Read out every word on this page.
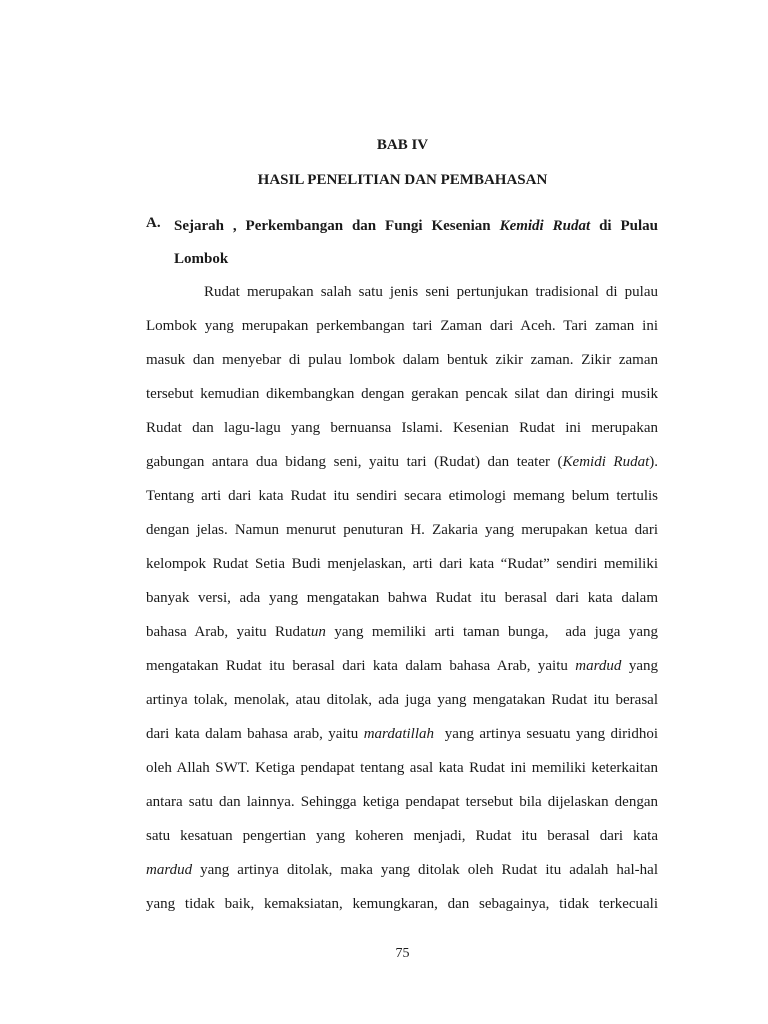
BAB IV
HASIL PENELITIAN DAN PEMBAHASAN
A. Sejarah , Perkembangan dan Fungi Kesenian Kemidi Rudat di Pulau
Lombok
Rudat merupakan salah satu jenis seni pertunjukan tradisional di pulau
Lombok yang merupakan perkembangan tari Zaman dari Aceh. Tari zaman ini
masuk dan menyebar di pulau lombok dalam bentuk zikir zaman. Zikir zaman
tersebut kemudian dikembangkan dengan gerakan pencak silat dan diringi musik
Rudat dan lagu-lagu yang bernuansa Islami. Kesenian Rudat ini merupakan
gabungan antara dua bidang seni, yaitu tari (Rudat) dan teater (Kemidi Rudat).
Tentang arti dari kata Rudat itu sendiri secara etimologi memang belum tertulis
dengan jelas. Namun menurut penuturan H. Zakaria yang merupakan ketua dari
kelompok Rudat Setia Budi menjelaskan, arti dari kata “Rudat” sendiri memiliki
banyak versi, ada yang mengatakan bahwa Rudat itu berasal dari kata dalam
bahasa Arab, yaitu Rudatun yang memiliki arti taman bunga,  ada juga yang
mengatakan Rudat itu berasal dari kata dalam bahasa Arab, yaitu mardud yang
artinya tolak, menolak, atau ditolak, ada juga yang mengatakan Rudat itu berasal
dari kata dalam bahasa arab, yaitu mardatillah  yang artinya sesuatu yang diridhoi
oleh Allah SWT. Ketiga pendapat tentang asal kata Rudat ini memiliki keterkaitan
antara satu dan lainnya. Sehingga ketiga pendapat tersebut bila dijelaskan dengan
satu kesatuan pengertian yang koheren menjadi, Rudat itu berasal dari kata
mardud yang artinya ditolak, maka yang ditolak oleh Rudat itu adalah hal-hal
yang tidak baik, kemaksiatan, kemungkaran, dan sebagainya, tidak terkecuali
75
